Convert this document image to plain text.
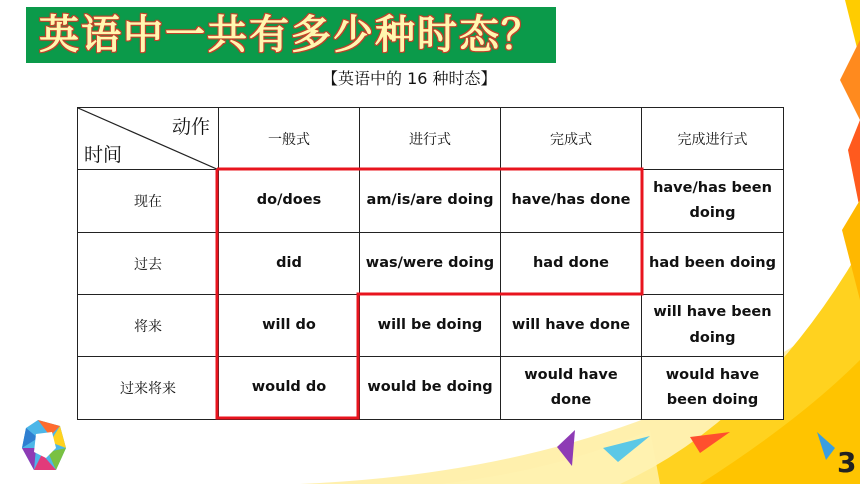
英语中一共有多少种时态？
【英语中的 16 种时态】
动作
时间	一般式	进行式	完成式	完成进行式
现在	do/does	am/is/are doing	have/has done	have/has been doing
过去	did	was/were doing	had done	had been doing
将来	will do	will be doing	will have done	will have been doing
过来将来	would do	would be doing	would have done	would have been doing
3
